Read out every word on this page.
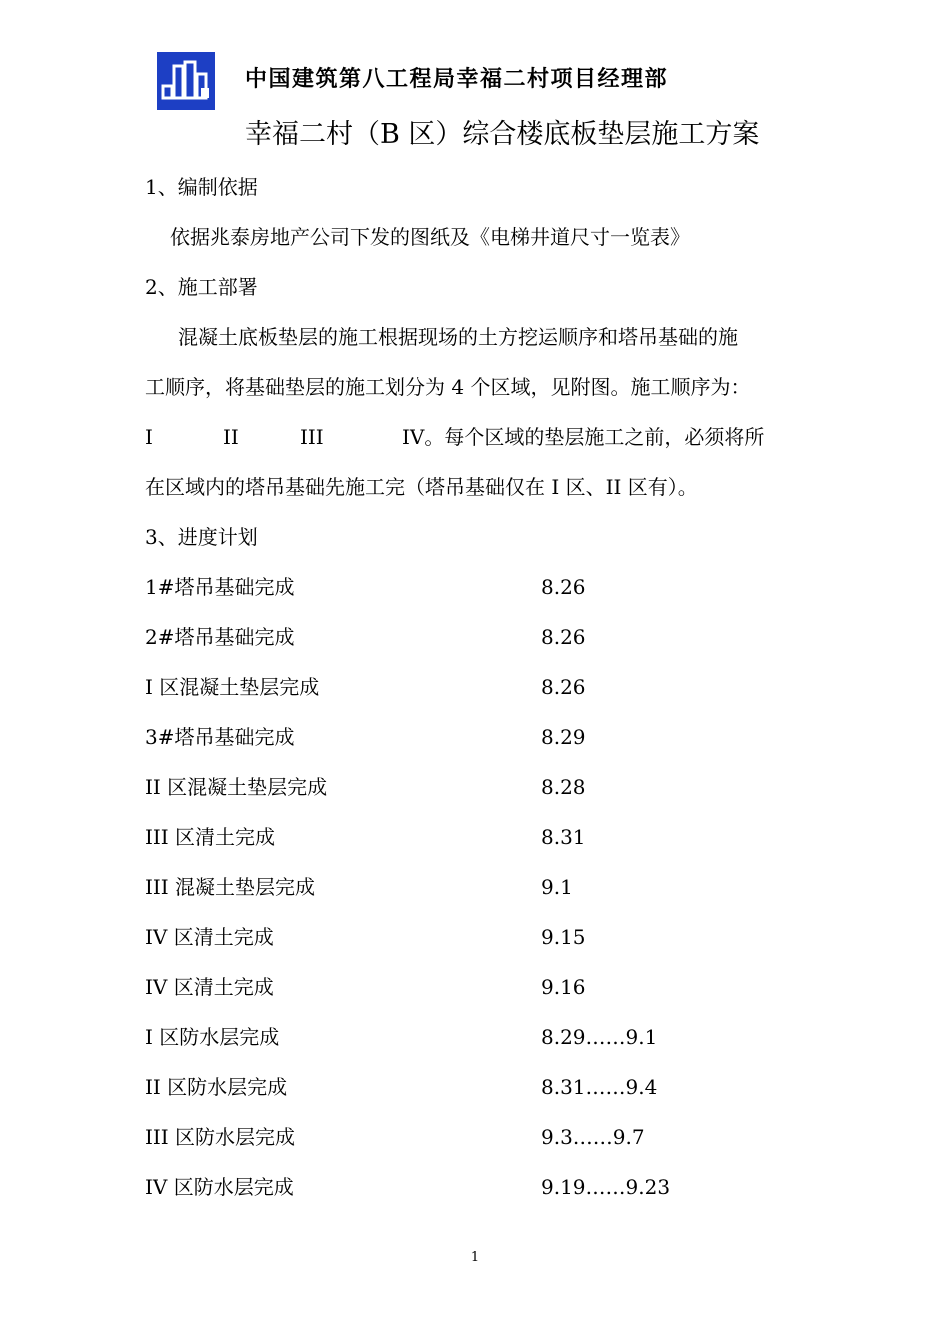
中国建筑第八工程局幸福二村项目经理部
幸福二村（B 区）综合楼底板垫层施工方案
1、编制依据
依据兆泰房地产公司下发的图纸及《电梯井道尺寸一览表》
2、施工部署
混凝土底板垫层的施工根据现场的土方挖运顺序和塔吊基础的施
工顺序，将基础垫层的施工划分为 4 个区域，见附图。施工顺序为：
I	II	III	IV。每个区域的垫层施工之前，必须将所
在区域内的塔吊基础先施工完（塔吊基础仅在 I 区、II 区有）。
3、进度计划
1#塔吊基础完成	8.26
2#塔吊基础完成	8.26
I 区混凝土垫层完成	8.26
3#塔吊基础完成	8.29
II 区混凝土垫层完成	8.28
III 区清土完成	8.31
III 混凝土垫层完成	9.1
IV 区清土完成	9.15
IV 区清土完成	9.16
I 区防水层完成	8.29……9.1
II 区防水层完成	8.31……9.4
III 区防水层完成	9.3……9.7
IV 区防水层完成	9.19……9.23
1
